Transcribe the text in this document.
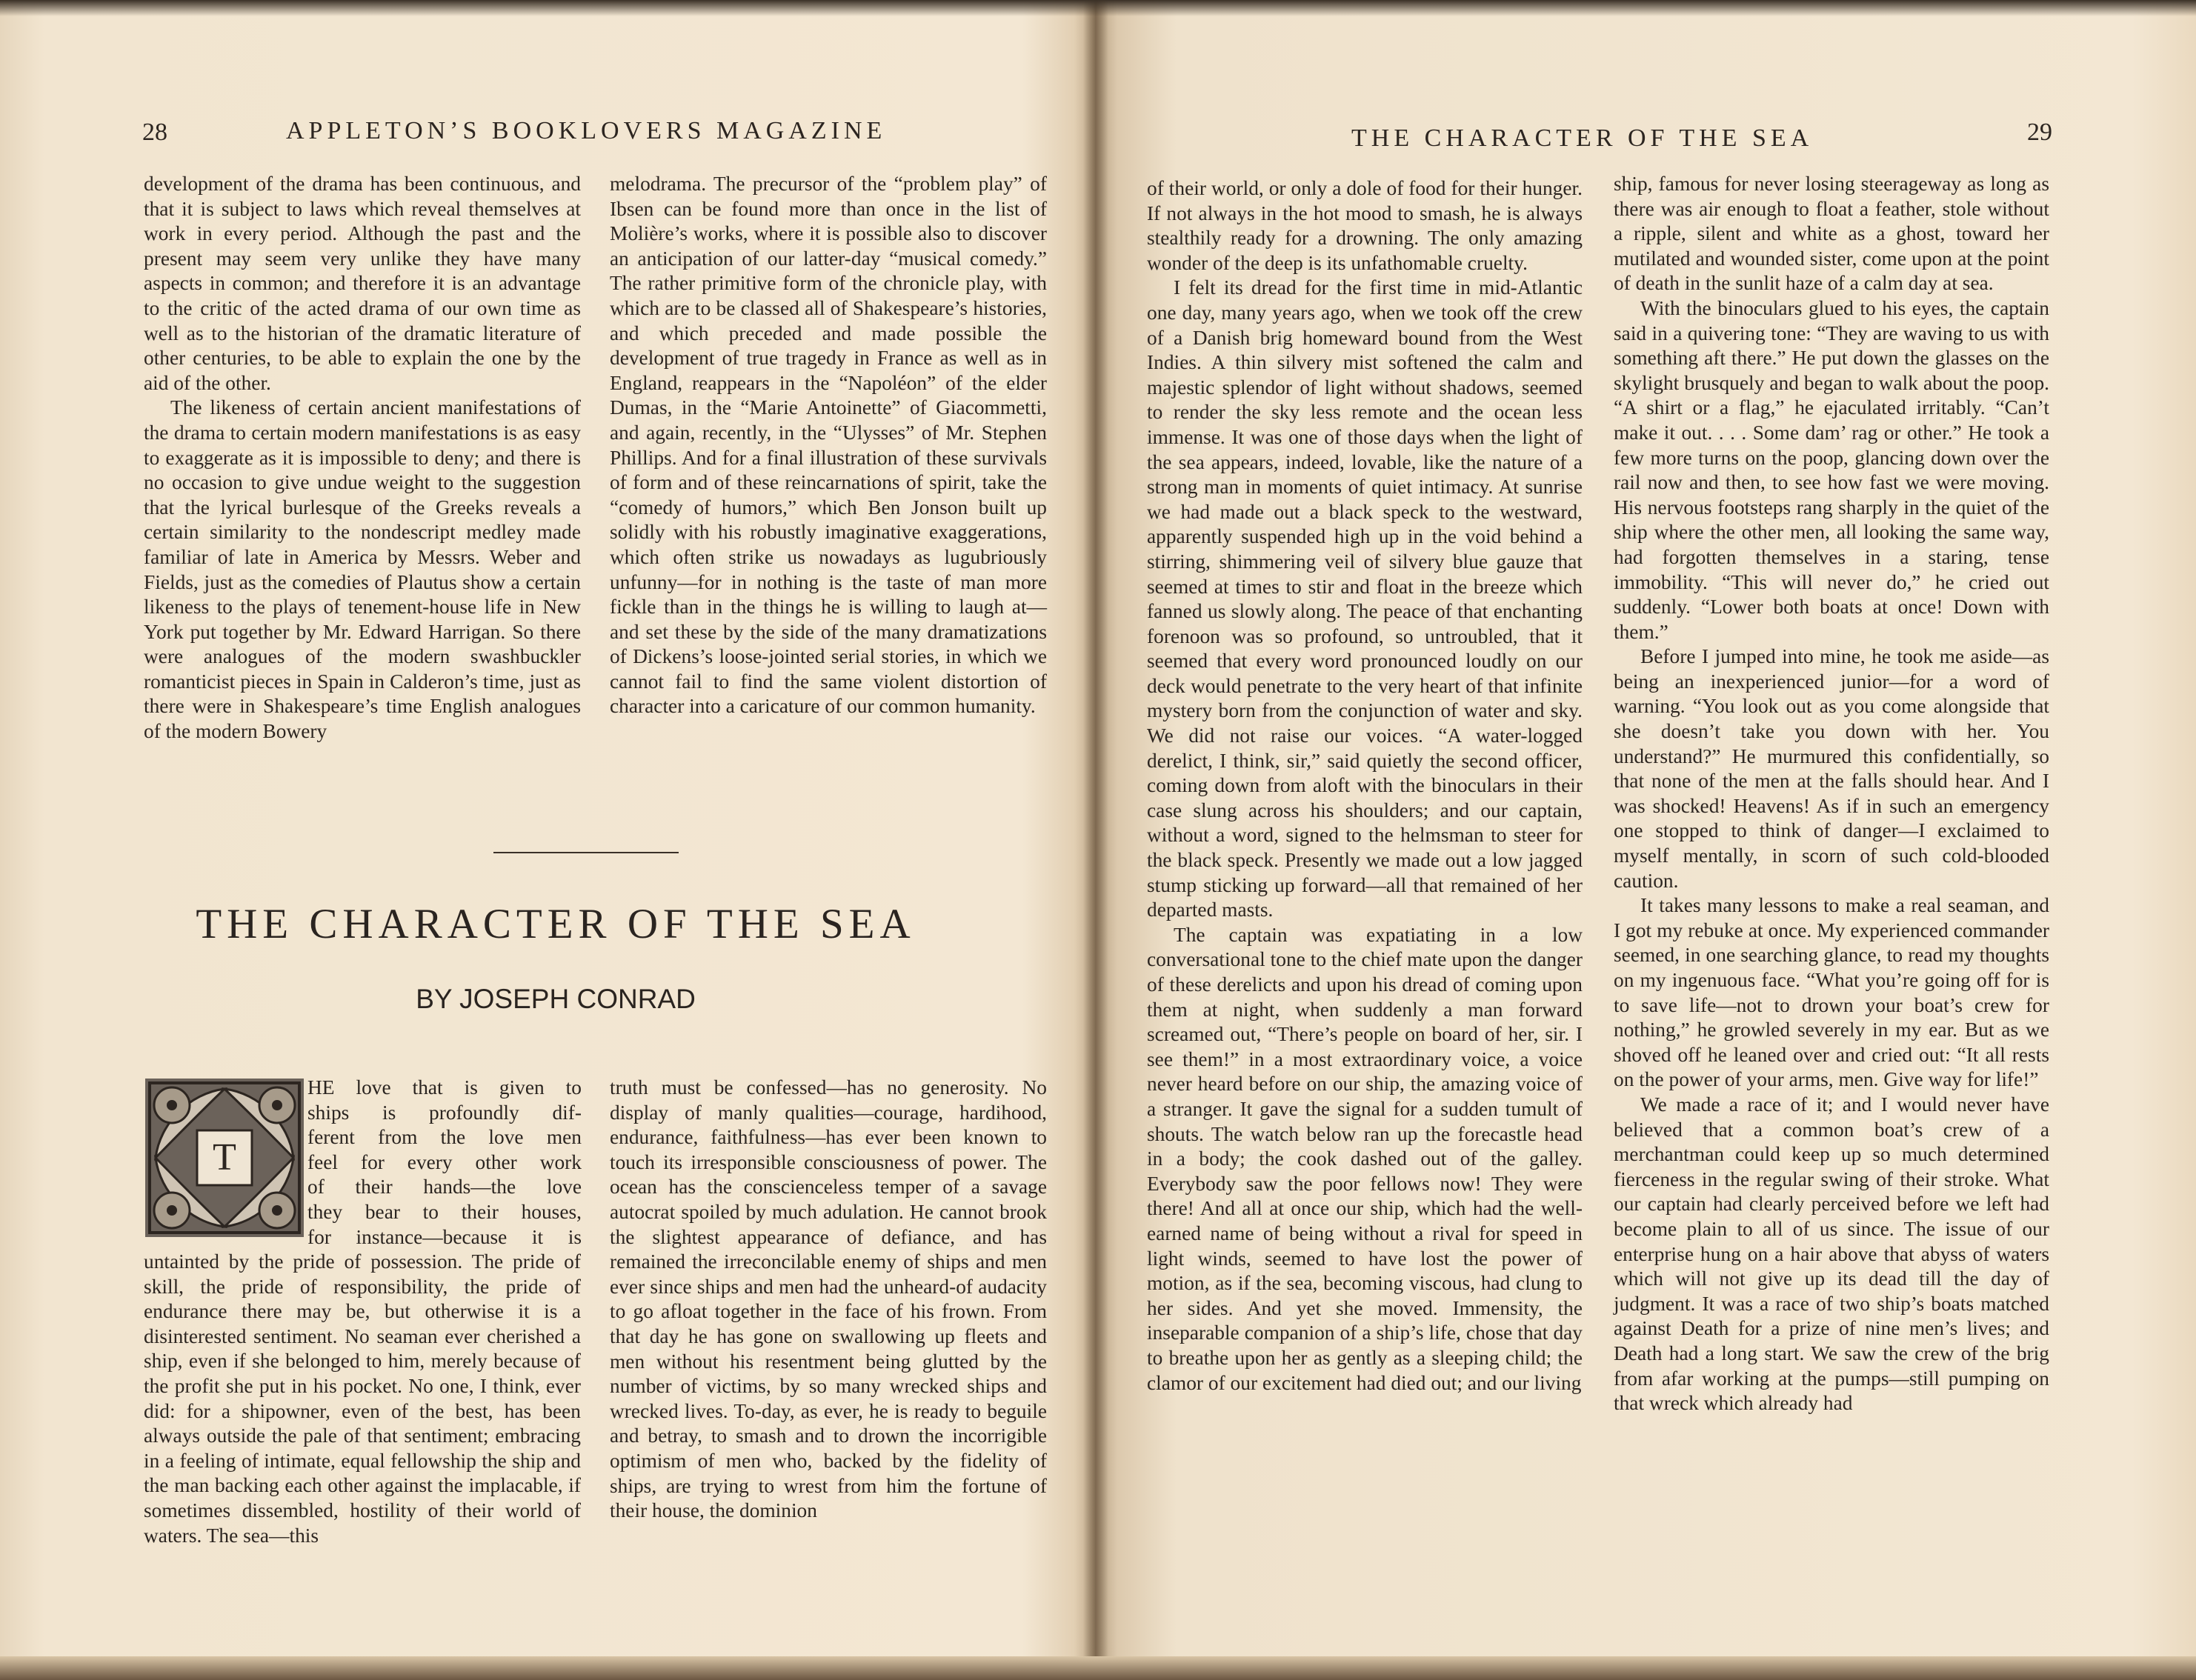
28	APPLETON’S BOOKLOVERS MAGAZINE

development of the drama has been continuous, and that it is subject to laws which reveal themselves at work in every period. Although the past and the present may seem very unlike they have many aspects in common; and therefore it is an advantage to the critic of the acted drama of our own time as well as to the historian of the dramatic literature of other centuries, to be able to explain the one by the aid of the other.

The likeness of certain ancient manifestations of the drama to certain modern manifestations is as easy to exaggerate as it is impossible to deny; and there is no occasion to give undue weight to the suggestion that the lyrical burlesque of the Greeks reveals a certain similarity to the nondescript medley made familiar of late in America by Messrs. Weber and Fields, just as the comedies of Plautus show a certain likeness to the plays of tenement-house life in New York put together by Mr. Edward Harrigan. So there were analogues of the modern swashbuckler romanticist pieces in Spain in Calderon’s time, just as there were in Shakespeare’s time English analogues of the modern Bowery

melodrama. The precursor of the “problem play” of Ibsen can be found more than once in the list of Molière’s works, where it is possible also to discover an anticipation of our latter-day “musical comedy.” The rather primitive form of the chronicle play, with which are to be classed all of Shakespeare’s histories, and which preceded and made possible the development of true tragedy in France as well as in England, reappears in the “Napoléon” of the elder Dumas, in the “Marie Antoinette” of Giacommetti, and again, recently, in the “Ulysses” of Mr. Stephen Phillips. And for a final illustration of these survivals of form and of these reincarnations of spirit, take the “comedy of humors,” which Ben Jonson built up solidly with his robustly imaginative exaggerations, which often strike us nowadays as lugubriously unfunny—for in nothing is the taste of man more fickle than in the things he is willing to laugh at—and set these by the side of the many dramatizations of Dickens’s loose-jointed serial stories, in which we cannot fail to find the same violent distortion of character into a caricature of our common humanity.

THE CHARACTER OF THE SEA
BY JOSEPH CONRAD
T
HE love that is given to
ships is profoundly dif-
ferent from the love men
feel for every other work
of their hands—the love
they bear to their houses,
for instance—because it is

untainted by the pride of possession. The pride of skill, the pride of responsibility, the pride of endurance there may be, but otherwise it is a disinterested sentiment. No seaman ever cherished a ship, even if she belonged to him, merely because of the profit she put in his pocket. No one, I think, ever did: for a shipowner, even of the best, has been always outside the pale of that sentiment; embracing in a feeling of intimate, equal fellowship the ship and the man backing each other against the implacable, if sometimes dissembled, hostility of their world of waters. The sea—this

truth must be confessed—has no generosity. No display of manly qualities—courage, hardihood, endurance, faithfulness—has ever been known to touch its irresponsible consciousness of power. The ocean has the conscienceless temper of a savage autocrat spoiled by much adulation. He cannot brook the slightest appearance of defiance, and has remained the irreconcilable enemy of ships and men ever since ships and men had the unheard-of audacity to go afloat together in the face of his frown. From that day he has gone on swallowing up fleets and men without his resentment being glutted by the number of victims, by so many wrecked ships and wrecked lives. To-day, as ever, he is ready to beguile and betray, to smash and to drown the incorrigible optimism of men who, backed by the fidelity of ships, are trying to wrest from him the fortune of their house, the dominion

THE CHARACTER OF THE SEA	29

of their world, or only a dole of food for their hunger. If not always in the hot mood to smash, he is always stealthily ready for a drowning. The only amazing wonder of the deep is its unfathomable cruelty.

I felt its dread for the first time in mid-Atlantic one day, many years ago, when we took off the crew of a Danish brig homeward bound from the West Indies. A thin silvery mist softened the calm and majestic splendor of light without shadows, seemed to render the sky less remote and the ocean less immense. It was one of those days when the light of the sea appears, indeed, lovable, like the nature of a strong man in moments of quiet intimacy. At sunrise we had made out a black speck to the westward, apparently suspended high up in the void behind a stirring, shimmering veil of silvery blue gauze that seemed at times to stir and float in the breeze which fanned us slowly along. The peace of that enchanting forenoon was so profound, so untroubled, that it seemed that every word pronounced loudly on our deck would penetrate to the very heart of that infinite mystery born from the conjunction of water and sky. We did not raise our voices. “A water-logged derelict, I think, sir,” said quietly the second officer, coming down from aloft with the binoculars in their case slung across his shoulders; and our captain, without a word, signed to the helmsman to steer for the black speck. Presently we made out a low jagged stump sticking up forward—all that remained of her departed masts.

The captain was expatiating in a low conversational tone to the chief mate upon the danger of these derelicts and upon his dread of coming upon them at night, when suddenly a man forward screamed out, “There’s people on board of her, sir. I see them!” in a most extraordinary voice, a voice never heard before on our ship, the amazing voice of a stranger. It gave the signal for a sudden tumult of shouts. The watch below ran up the forecastle head in a body; the cook dashed out of the galley. Everybody saw the poor fellows now! They were there! And all at once our ship, which had the well-earned name of being without a rival for speed in light winds, seemed to have lost the power of motion, as if the sea, becoming viscous, had clung to her sides. And yet she moved. Immensity, the inseparable companion of a ship’s life, chose that day to breathe upon her as gently as a sleeping child; the clamor of our excitement had died out; and our living

ship, famous for never losing steerageway as long as there was air enough to float a feather, stole without a ripple, silent and white as a ghost, toward her mutilated and wounded sister, come upon at the point of death in the sunlit haze of a calm day at sea.

With the binoculars glued to his eyes, the captain said in a quivering tone: “They are waving to us with something aft there.” He put down the glasses on the skylight brusquely and began to walk about the poop. “A shirt or a flag,” he ejaculated irritably. “Can’t make it out. . . . Some dam’ rag or other.” He took a few more turns on the poop, glancing down over the rail now and then, to see how fast we were moving. His nervous footsteps rang sharply in the quiet of the ship where the other men, all looking the same way, had forgotten themselves in a staring, tense immobility. “This will never do,” he cried out suddenly. “Lower both boats at once! Down with them.”

Before I jumped into mine, he took me aside—as being an inexperienced junior—for a word of warning. “You look out as you come alongside that she doesn’t take you down with her. You understand?” He murmured this confidentially, so that none of the men at the falls should hear. And I was shocked! Heavens! As if in such an emergency one stopped to think of danger—I exclaimed to myself mentally, in scorn of such cold-blooded caution.

It takes many lessons to make a real seaman, and I got my rebuke at once. My experienced commander seemed, in one searching glance, to read my thoughts on my ingenuous face. “What you’re going off for is to save life—not to drown your boat’s crew for nothing,” he growled severely in my ear. But as we shoved off he leaned over and cried out: “It all rests on the power of your arms, men. Give way for life!”

We made a race of it; and I would never have believed that a common boat’s crew of a merchantman could keep up so much determined fierceness in the regular swing of their stroke. What our captain had clearly perceived before we left had become plain to all of us since. The issue of our enterprise hung on a hair above that abyss of waters which will not give up its dead till the day of judgment. It was a race of two ship’s boats matched against Death for a prize of nine men’s lives; and Death had a long start. We saw the crew of the brig from afar working at the pumps—still pumping on that wreck which already had
